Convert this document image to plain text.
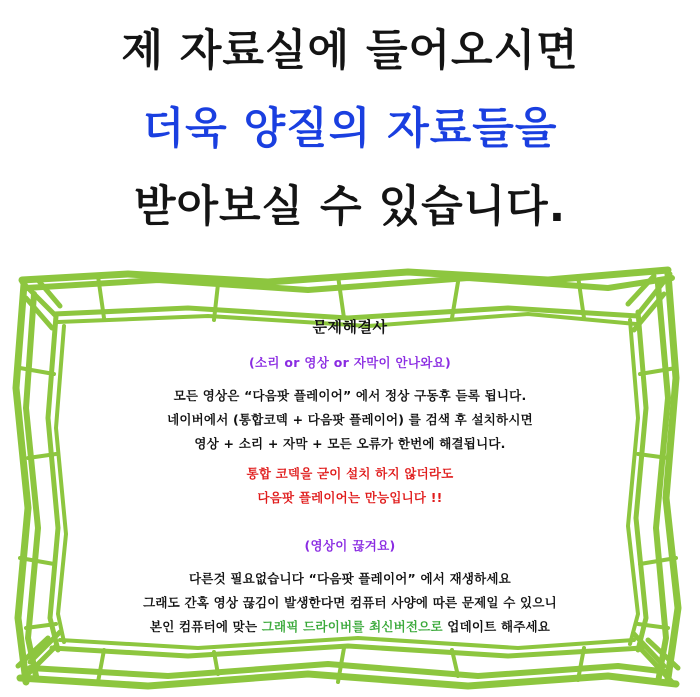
제 자료실에 들어오시면
더욱 양질의 자료들을
받아보실 수 있습니다.
문제해결사
(소리 or 영상 or 자막이 안나와요)
모든 영상은 “다음팟 플레이어” 에서 정상 구동후 듣록 됩니다.
네이버에서 (통합코덱 + 다음팟 플레이어) 를 검색 후 설치하시면
영상 + 소리 + 자막 + 모든 오류가 한번에 해결됩니다.
통합 코덱을 굳이 설치 하지 않더라도
다음팟 플레이어는 만능입니다 !!
(영상이 끊겨요)
다른것 필요없습니다 “다음팟 플레이어” 에서 재생하세요
그래도 간혹 영상 끊김이 발생한다면 컴퓨터 사양에 따른 문제일 수 있으니
본인 컴퓨터에 맞는 그래픽 드라이버를 최신버전으로 업데이트 해주세요
